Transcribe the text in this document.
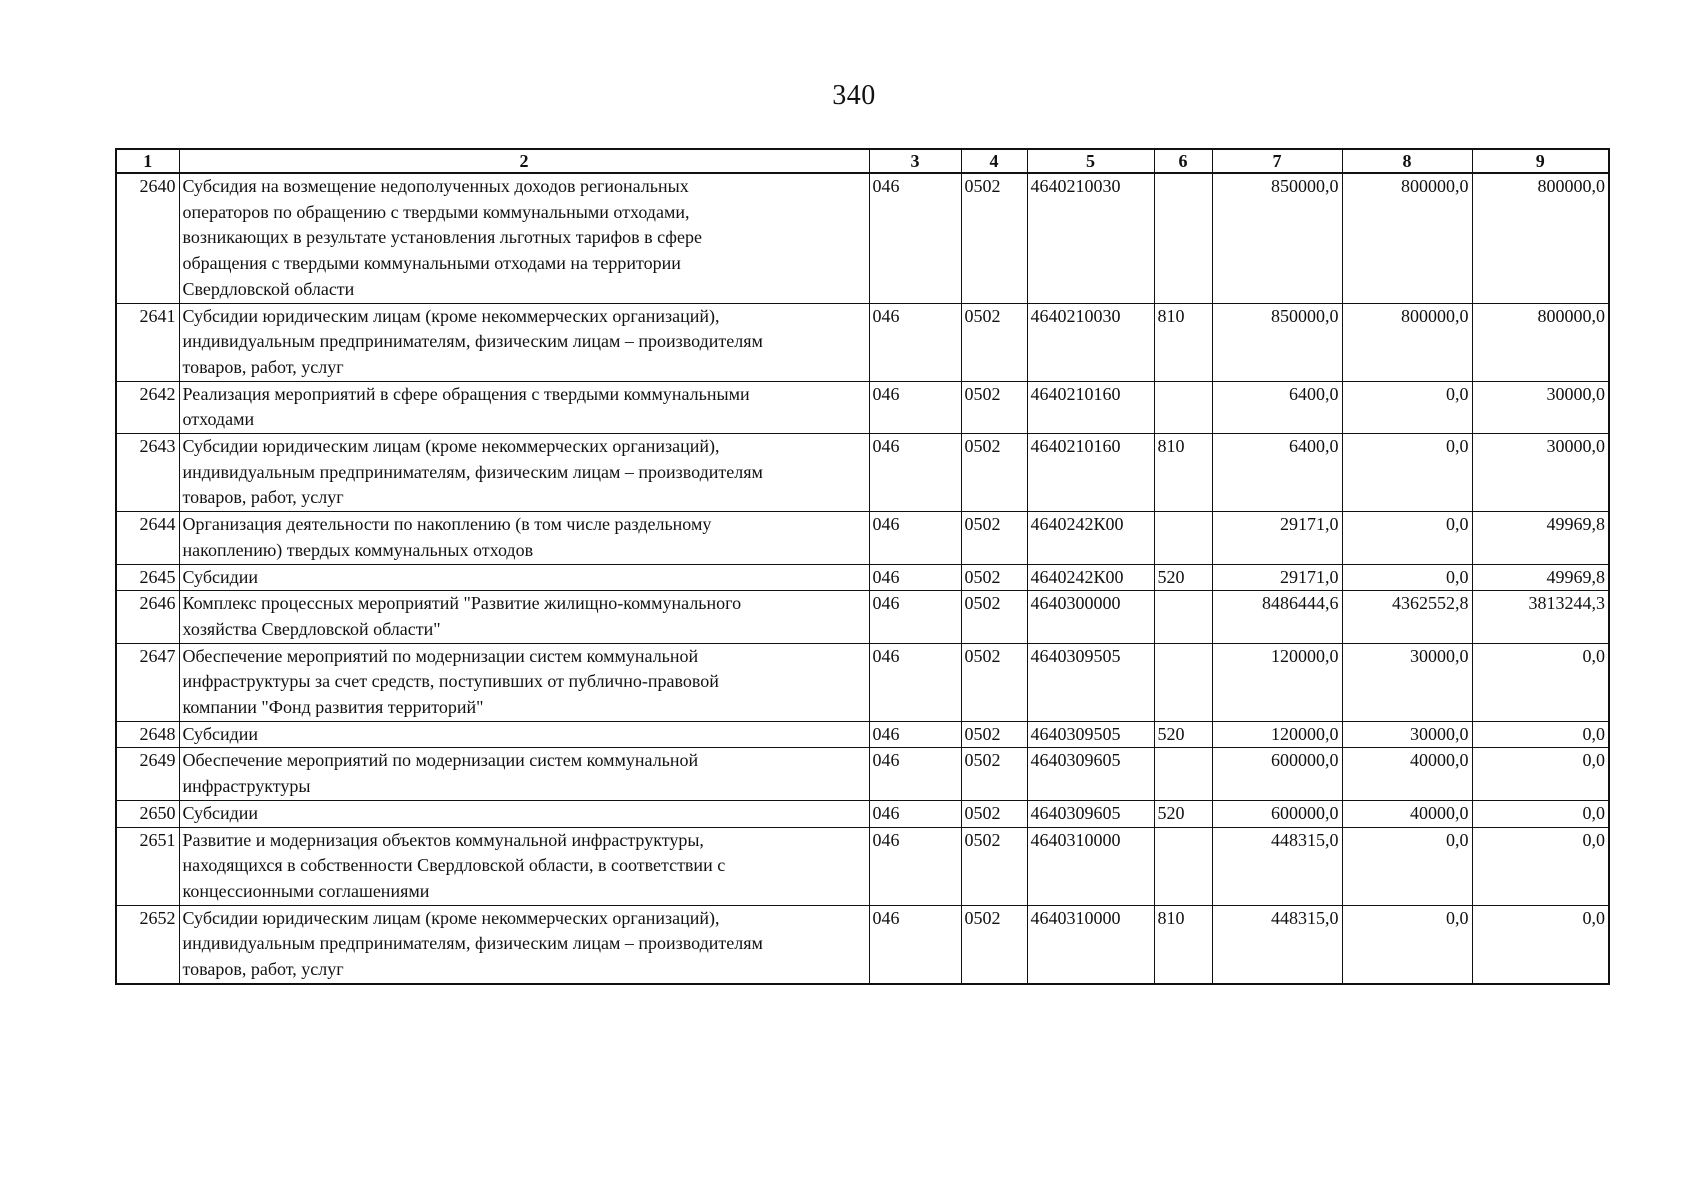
340
1	2	3	4	5	6	7	8	9
2640	Субсидия на возмещение недополученных доходов региональных
операторов по обращению с твердыми коммунальными отходами,
возникающих в результате установления льготных тарифов в сфере
обращения с твердыми коммунальными отходами на территории
Свердловской области	046	0502	4640210030		850000,0	800000,0	800000,0
2641	Субсидии юридическим лицам (кроме некоммерческих организаций),
индивидуальным предпринимателям, физическим лицам – производителям
товаров, работ, услуг	046	0502	4640210030	810	850000,0	800000,0	800000,0
2642	Реализация мероприятий в сфере обращения с твердыми коммунальными
отходами	046	0502	4640210160		6400,0	0,0	30000,0
2643	Субсидии юридическим лицам (кроме некоммерческих организаций),
индивидуальным предпринимателям, физическим лицам – производителям
товаров, работ, услуг	046	0502	4640210160	810	6400,0	0,0	30000,0
2644	Организация деятельности по накоплению (в том числе раздельному
накоплению) твердых коммунальных отходов	046	0502	4640242К00		29171,0	0,0	49969,8
2645	Субсидии	046	0502	4640242К00	520	29171,0	0,0	49969,8
2646	Комплекс процессных мероприятий "Развитие жилищно-коммунального
хозяйства Свердловской области"	046	0502	4640300000		8486444,6	4362552,8	3813244,3
2647	Обеспечение мероприятий по модернизации систем коммунальной
инфраструктуры за счет средств, поступивших от публично-правовой
компании "Фонд развития территорий"	046	0502	4640309505		120000,0	30000,0	0,0
2648	Субсидии	046	0502	4640309505	520	120000,0	30000,0	0,0
2649	Обеспечение мероприятий по модернизации систем коммунальной
инфраструктуры	046	0502	4640309605		600000,0	40000,0	0,0
2650	Субсидии	046	0502	4640309605	520	600000,0	40000,0	0,0
2651	Развитие и модернизация объектов коммунальной инфраструктуры,
находящихся в собственности Свердловской области, в соответствии с
концессионными соглашениями	046	0502	4640310000		448315,0	0,0	0,0
2652	Субсидии юридическим лицам (кроме некоммерческих организаций),
индивидуальным предпринимателям, физическим лицам – производителям
товаров, работ, услуг	046	0502	4640310000	810	448315,0	0,0	0,0
